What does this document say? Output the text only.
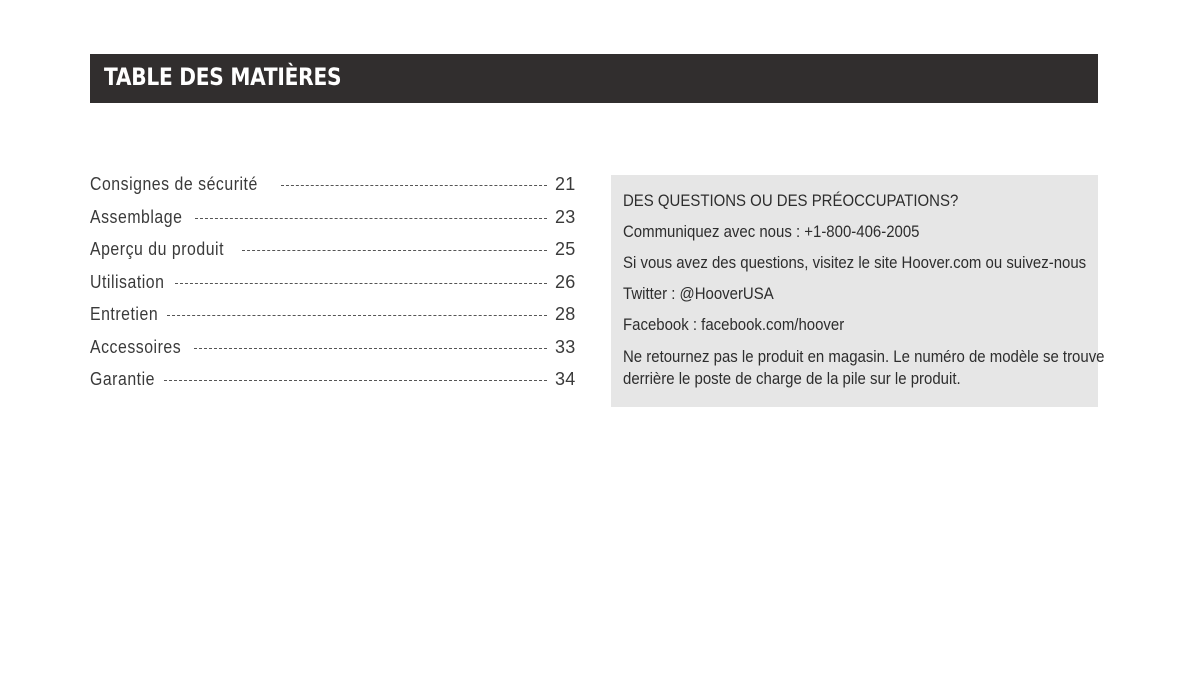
TABLE DES MATIÈRES
Consignes de sécurité	21
Assemblage	23
Aperçu du produit	25
Utilisation	26
Entretien	28
Accessoires	33
Garantie	34
DES QUESTIONS OU DES PRÉOCCUPATIONS?
Communiquez avec nous : +1-800-406-2005
Si vous avez des questions, visitez le site Hoover.com ou suivez-nous
Twitter : @HooverUSA
Facebook : facebook.com/hoover
Ne retournez pas le produit en magasin. Le numéro de modèle se trouve
derrière le poste de charge de la pile sur le produit.
